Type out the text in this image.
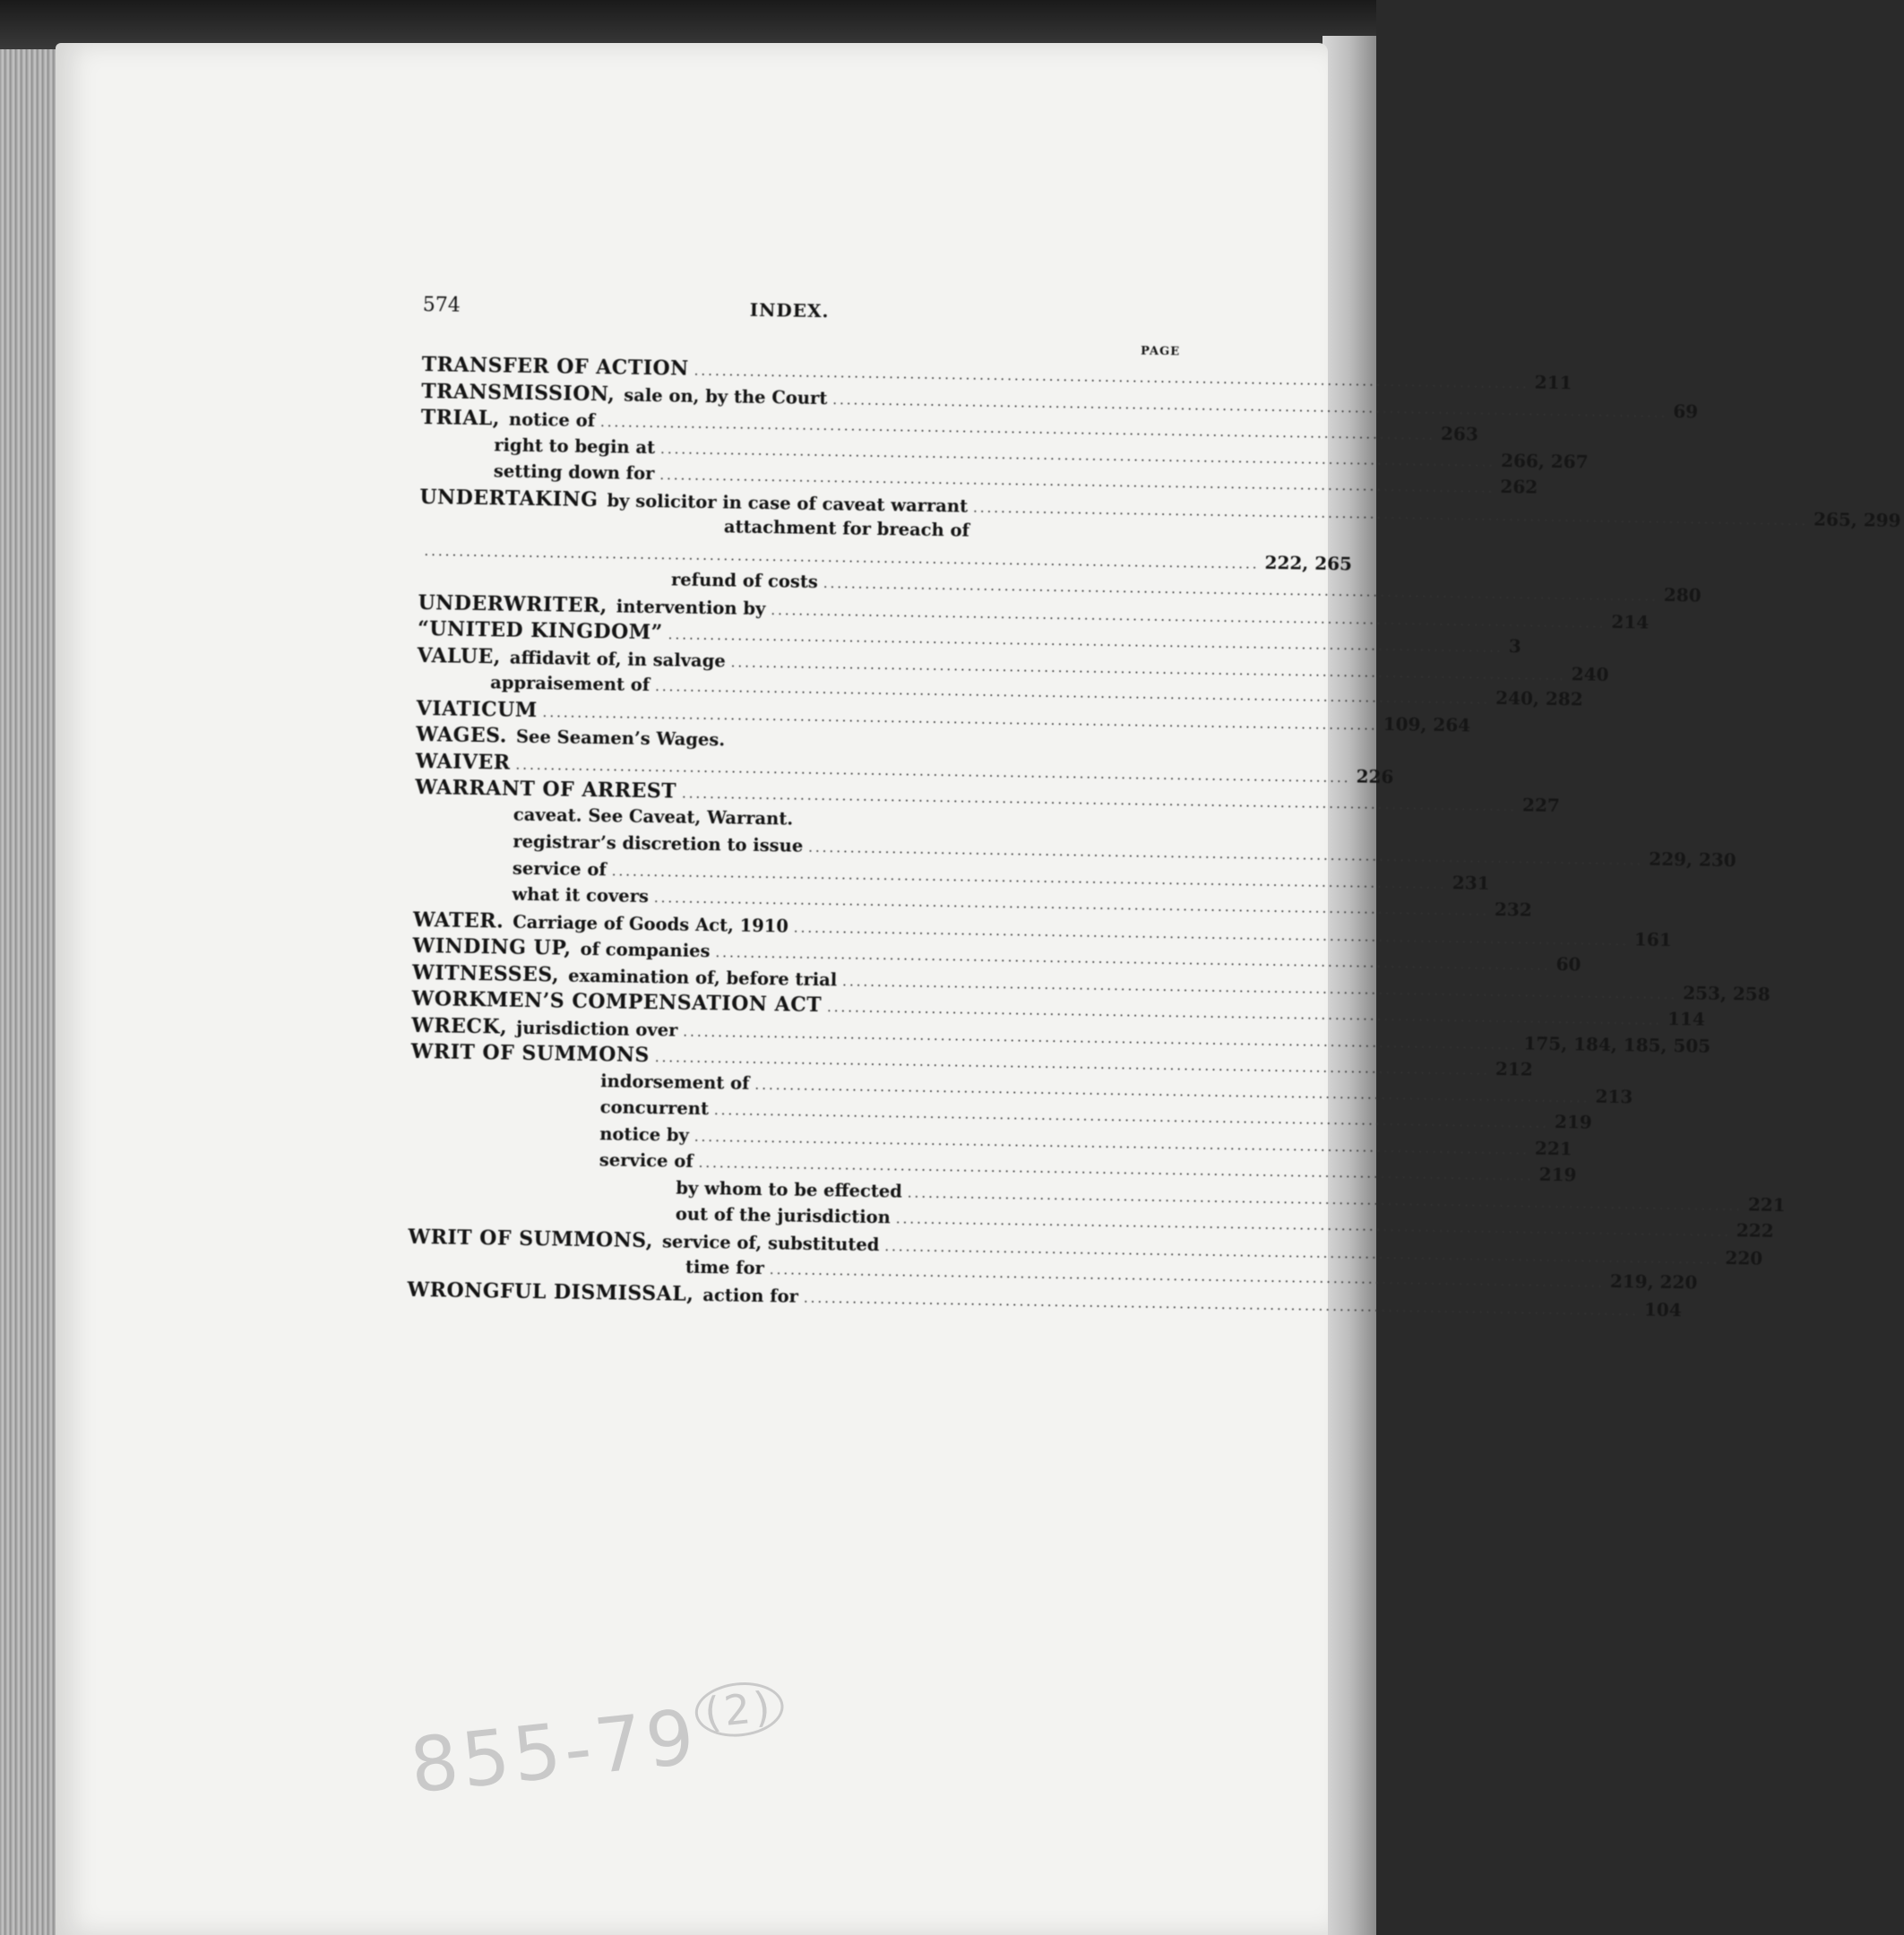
574	INDEX.
PAGE
TRANSFER OF ACTION ........................................................................................................................ 211
TRANSMISSION, sale on, by the Court ........................................................................................................................ 69
TRIAL, notice of ........................................................................................................................ 263
right to begin at ........................................................................................................................ 266, 267
setting down for ........................................................................................................................ 262
UNDERTAKING by solicitor in case of caveat warrant ........................................................................................................................ 265, 299
attachment for breach of
........................................................................................................................ 222, 265
refund of costs ........................................................................................................................ 280
UNDERWRITER, intervention by ........................................................................................................................ 214
“UNITED KINGDOM” ........................................................................................................................ 3
VALUE, affidavit of, in salvage ........................................................................................................................ 240
appraisement of ........................................................................................................................ 240, 282
VIATICUM ........................................................................................................................ 109, 264
WAGES. See Seamen’s Wages.
WAIVER ........................................................................................................................ 226
WARRANT OF ARREST ........................................................................................................................ 227
caveat. See Caveat, Warrant.
registrar’s discretion to issue ........................................................................................................................ 229, 230
service of ........................................................................................................................ 231
what it covers ........................................................................................................................ 232
WATER. Carriage of Goods Act, 1910 ........................................................................................................................ 161
WINDING UP, of companies ........................................................................................................................ 60
WITNESSES, examination of, before trial ........................................................................................................................ 253, 258
WORKMEN’S COMPENSATION ACT ........................................................................................................................ 114
WRECK, jurisdiction over ........................................................................................................................ 175, 184, 185, 505
WRIT OF SUMMONS ........................................................................................................................ 212
indorsement of ........................................................................................................................ 213
concurrent ........................................................................................................................ 219
notice by ........................................................................................................................ 221
service of ........................................................................................................................ 219
by whom to be effected ........................................................................................................................ 221
out of the jurisdiction ........................................................................................................................ 222
WRIT OF SUMMONS, service of, substituted ........................................................................................................................ 220
time for ........................................................................................................................ 219, 220
WRONGFUL DISMISSAL, action for ........................................................................................................................ 104
855-79$^{(2)}$
